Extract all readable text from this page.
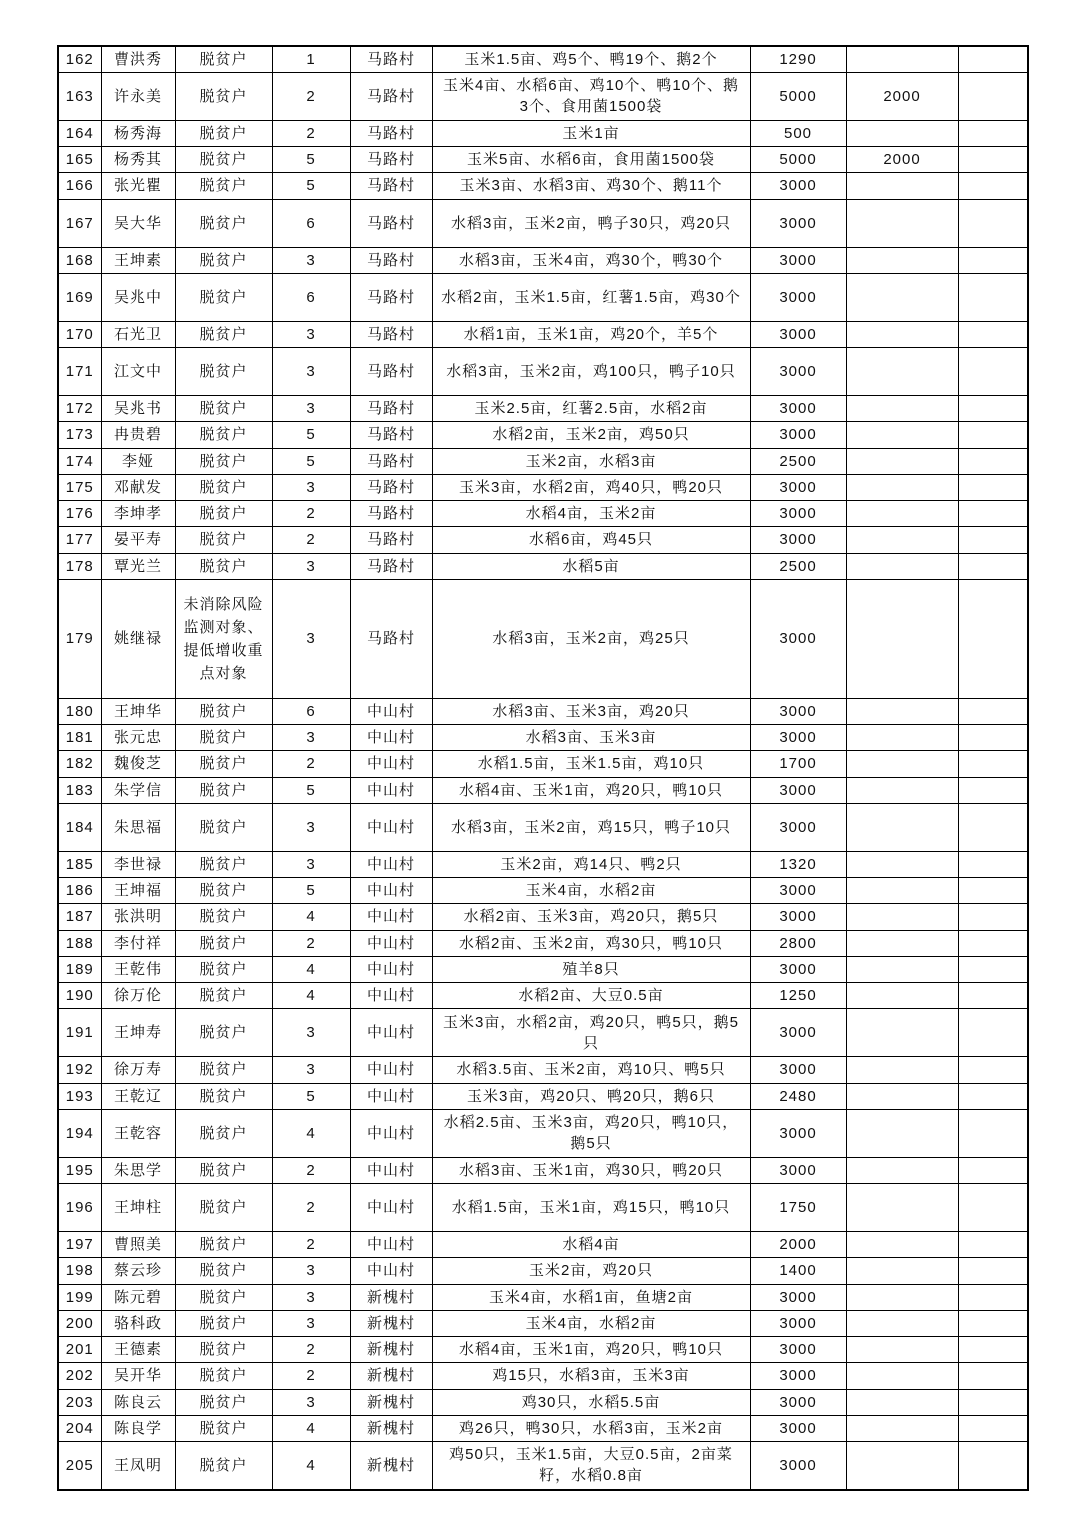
162	曹洪秀	脱贫户	1	马路村	玉米1.5亩、鸡5个、鸭19个、鹅2个	1290		
163	许永美	脱贫户	2	马路村	玉米4亩、水稻6亩、鸡10个、鸭10个、鹅3个、食用菌1500袋	5000	2000	
164	杨秀海	脱贫户	2	马路村	玉米1亩	500		
165	杨秀其	脱贫户	5	马路村	玉米5亩、水稻6亩，食用菌1500袋	5000	2000	
166	张光瞿	脱贫户	5	马路村	玉米3亩、水稻3亩、鸡30个、鹅11个	3000		
167	吴大华	脱贫户	6	马路村	水稻3亩，玉米2亩，鸭子30只，鸡20只	3000		
168	王坤素	脱贫户	3	马路村	水稻3亩，玉米4亩，鸡30个，鸭30个	3000		
169	吴兆中	脱贫户	6	马路村	水稻2亩，玉米1.5亩，红薯1.5亩，鸡30个	3000		
170	石光卫	脱贫户	3	马路村	水稻1亩，玉米1亩，鸡20个，羊5个	3000		
171	江文中	脱贫户	3	马路村	水稻3亩，玉米2亩，鸡100只，鸭子10只	3000		
172	吴兆书	脱贫户	3	马路村	玉米2.5亩，红薯2.5亩，水稻2亩	3000		
173	冉贵碧	脱贫户	5	马路村	水稻2亩，玉米2亩，鸡50只	3000		
174	李娅	脱贫户	5	马路村	玉米2亩，水稻3亩	2500		
175	邓献发	脱贫户	3	马路村	玉米3亩，水稻2亩，鸡40只，鸭20只	3000		
176	李坤孝	脱贫户	2	马路村	水稻4亩，玉米2亩	3000		
177	晏平寿	脱贫户	2	马路村	水稻6亩，鸡45只	3000		
178	覃光兰	脱贫户	3	马路村	水稻5亩	2500		
179	姚继禄	未消除风险监测对象、提低增收重点对象	3	马路村	水稻3亩，玉米2亩，鸡25只	3000		
180	王坤华	脱贫户	6	中山村	水稻3亩、玉米3亩，鸡20只	3000		
181	张元忠	脱贫户	3	中山村	水稻3亩、玉米3亩	3000		
182	魏俊芝	脱贫户	2	中山村	水稻1.5亩，玉米1.5亩，鸡10只	1700		
183	朱学信	脱贫户	5	中山村	水稻4亩、玉米1亩，鸡20只，鸭10只	3000		
184	朱思福	脱贫户	3	中山村	水稻3亩，玉米2亩，鸡15只，鸭子10只	3000		
185	李世禄	脱贫户	3	中山村	玉米2亩，鸡14只、鸭2只	1320		
186	王坤福	脱贫户	5	中山村	玉米4亩，水稻2亩	3000		
187	张洪明	脱贫户	4	中山村	水稻2亩、玉米3亩，鸡20只，鹅5只	3000		
188	李付祥	脱贫户	2	中山村	水稻2亩、玉米2亩，鸡30只，鸭10只	2800		
189	王乾伟	脱贫户	4	中山村	殖羊8只	3000		
190	徐万伦	脱贫户	4	中山村	水稻2亩、大豆0.5亩	1250		
191	王坤寿	脱贫户	3	中山村	玉米3亩，水稻2亩，鸡20只，鸭5只，鹅5只	3000		
192	徐万寿	脱贫户	3	中山村	水稻3.5亩、玉米2亩，鸡10只、鸭5只	3000		
193	王乾辽	脱贫户	5	中山村	玉米3亩，鸡20只、鸭20只，鹅6只	2480		
194	王乾容	脱贫户	4	中山村	水稻2.5亩、玉米3亩，鸡20只，鸭10只，鹅5只	3000		
195	朱思学	脱贫户	2	中山村	水稻3亩、玉米1亩，鸡30只，鸭20只	3000		
196	王坤柱	脱贫户	2	中山村	水稻1.5亩，玉米1亩，鸡15只，鸭10只	1750		
197	曹照美	脱贫户	2	中山村	水稻4亩	2000		
198	蔡云珍	脱贫户	3	中山村	玉米2亩，鸡20只	1400		
199	陈元碧	脱贫户	3	新槐村	玉米4亩，水稻1亩，鱼塘2亩	3000		
200	骆科政	脱贫户	3	新槐村	玉米4亩，水稻2亩	3000		
201	王德素	脱贫户	2	新槐村	水稻4亩，玉米1亩，鸡20只，鸭10只	3000		
202	吴开华	脱贫户	2	新槐村	鸡15只，水稻3亩，玉米3亩	3000		
203	陈良云	脱贫户	3	新槐村	鸡30只，水稻5.5亩	3000		
204	陈良学	脱贫户	4	新槐村	鸡26只，鸭30只，水稻3亩，玉米2亩	3000		
205	王凤明	脱贫户	4	新槐村	鸡50只，玉米1.5亩，大豆0.5亩，2亩菜籽，水稻0.8亩	3000		
